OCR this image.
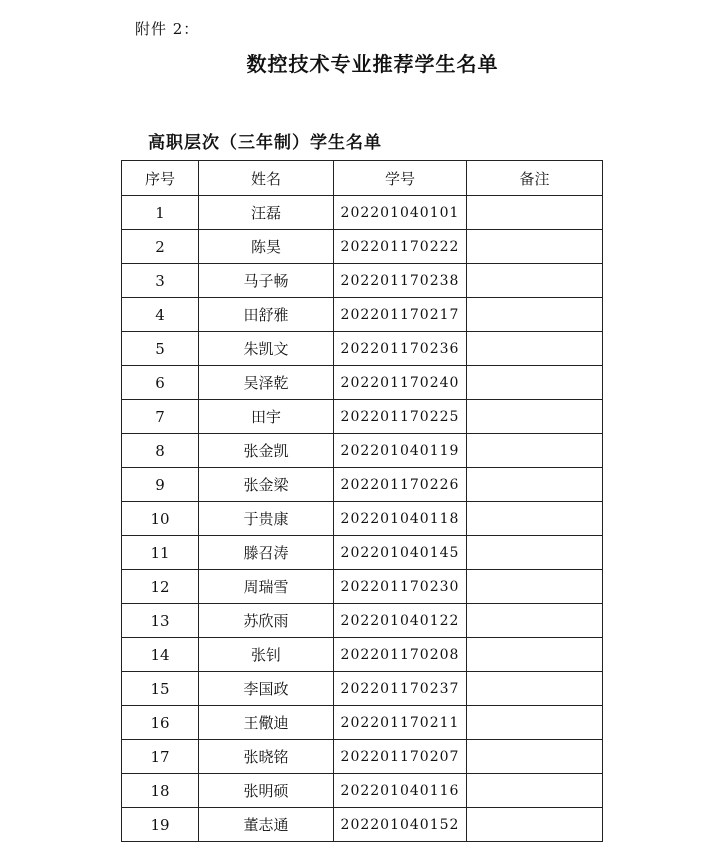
附件 2：
数控技术专业推荐学生名单
高职层次（三年制）学生名单
序号	姓名	学号	备注
1	汪磊	202201040101	
2	陈昊	202201170222	
3	马子畅	202201170238	
4	田舒雅	202201170217	
5	朱凯文	202201170236	
6	吴泽乾	202201170240	
7	田宇	202201170225	
8	张金凯	202201040119	
9	张金梁	202201170226	
10	于贵康	202201040118	
11	滕召涛	202201040145	
12	周瑞雪	202201170230	
13	苏欣雨	202201040122	
14	张钊	202201170208	
15	李国政	202201170237	
16	王儆迪	202201170211	
17	张晓铭	202201170207	
18	张明硕	202201040116	
19	董志通	202201040152	
